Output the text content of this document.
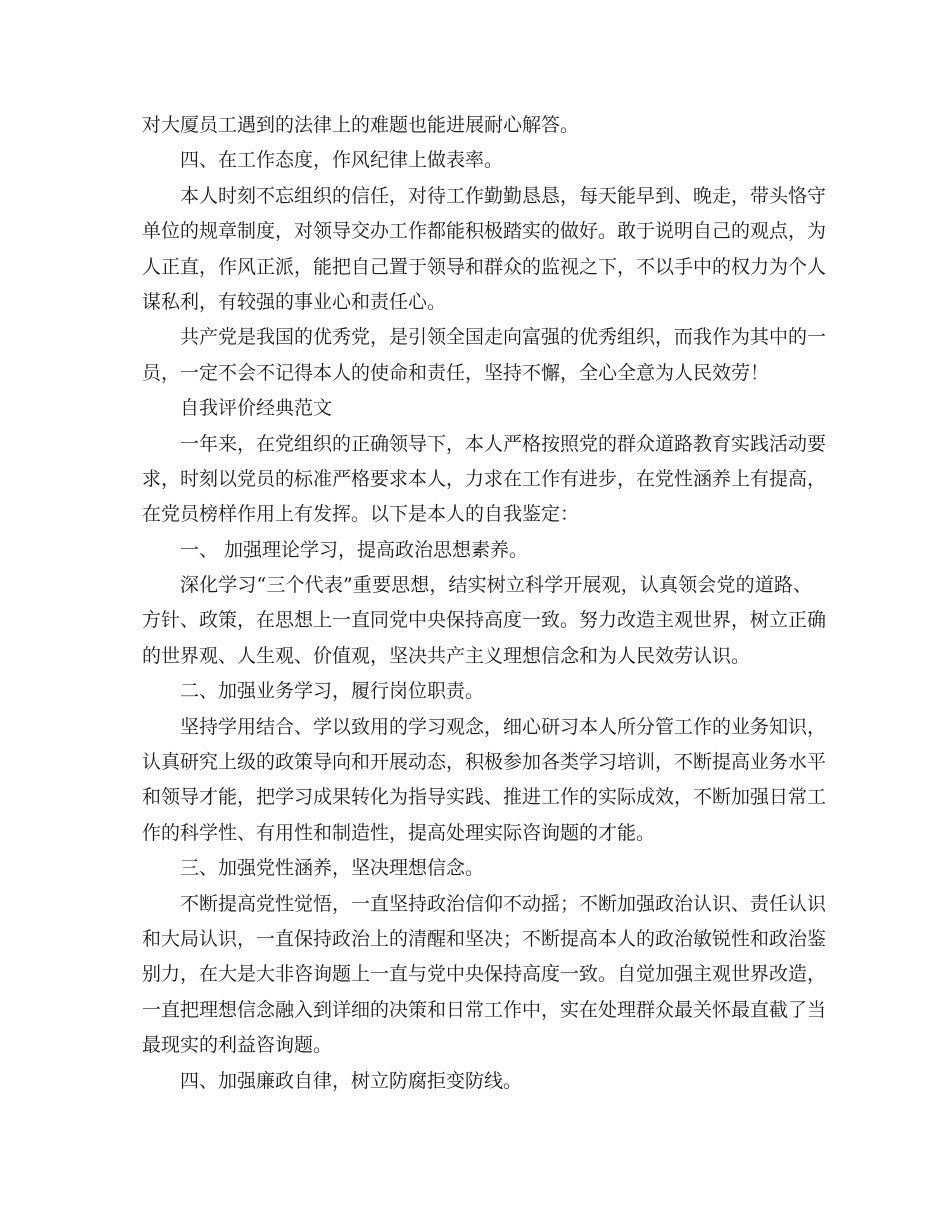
对大厦员工遇到的法律上的难题也能进展耐心解答。
四、在工作态度，作风纪律上做表率。
本人时刻不忘组织的信任，对待工作勤勤恳恳，每天能早到、晚走，带头恪守
单位的规章制度，对领导交办工作都能积极踏实的做好。敢于说明自己的观点，为
人正直，作风正派，能把自己置于领导和群众的监视之下，不以手中的权力为个人
谋私利，有较强的事业心和责任心。
共产党是我国的优秀党，是引领全国走向富强的优秀组织，而我作为其中的一
员，一定不会不记得本人的使命和责任，坚持不懈，全心全意为人民效劳！
自我评价经典范文
一年来，在党组织的正确领导下，本人严格按照党的群众道路教育实践活动要
求，时刻以党员的标准严格要求本人，力求在工作有进步，在党性涵养上有提高，
在党员榜样作用上有发挥。以下是本人的自我鉴定：
一、 加强理论学习，提高政治思想素养。
深化学习“三个代表”重要思想，结实树立科学开展观，认真领会党的道路、
方针、政策，在思想上一直同党中央保持高度一致。努力改造主观世界，树立正确
的世界观、人生观、价值观，坚决共产主义理想信念和为人民效劳认识。
二、加强业务学习，履行岗位职责。
坚持学用结合、学以致用的学习观念，细心研习本人所分管工作的业务知识，
认真研究上级的政策导向和开展动态，积极参加各类学习培训，不断提高业务水平
和领导才能，把学习成果转化为指导实践、推进工作的实际成效，不断加强日常工
作的科学性、有用性和制造性，提高处理实际咨询题的才能。
三、加强党性涵养，坚决理想信念。
不断提高党性觉悟，一直坚持政治信仰不动摇；不断加强政治认识、责任认识
和大局认识，一直保持政治上的清醒和坚决；不断提高本人的政治敏锐性和政治鉴
别力，在大是大非咨询题上一直与党中央保持高度一致。自觉加强主观世界改造，
一直把理想信念融入到详细的决策和日常工作中，实在处理群众最关怀最直截了当
最现实的利益咨询题。
四、加强廉政自律，树立防腐拒变防线。
